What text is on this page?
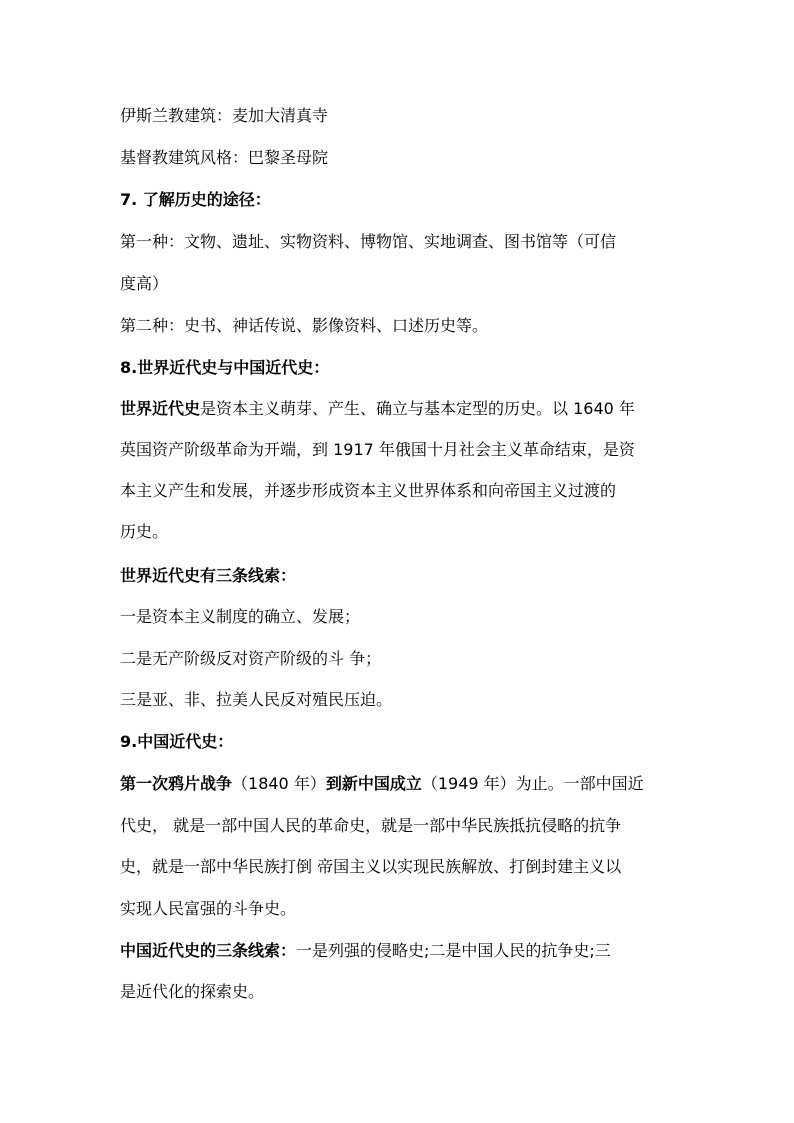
伊斯兰教建筑：麦加大清真寺
基督教建筑风格：巴黎圣母院
7. 了解历史的途径：
第一种：文物、遗址、实物资料、博物馆、实地调查、图书馆等（可信
度高）
第二种：史书、神话传说、影像资料、口述历史等。
8.世界近代史与中国近代史：
世界近代史是资本主义萌芽、产生、确立与基本定型的历史。以 1640 年
英国资产阶级革命为开端，到 1917 年俄国十月社会主义革命结束，是资
本主义产生和发展，并逐步形成资本主义世界体系和向帝国主义过渡的
历史。
世界近代史有三条线索：
一是资本主义制度的确立、发展；
二是无产阶级反对资产阶级的斗 争；
三是亚、非、拉美人民反对殖民压迫。
9.中国近代史：
第一次鸦片战争（1840 年）到新中国成立（1949 年）为止。一部中国近
代史， 就是一部中国人民的革命史，就是一部中华民族抵抗侵略的抗争
史，就是一部中华民族打倒 帝国主义以实现民族解放、打倒封建主义以
实现人民富强的斗争史。
中国近代史的三条线索：一是列强的侵略史;二是中国人民的抗争史;三
是近代化的探索史。
